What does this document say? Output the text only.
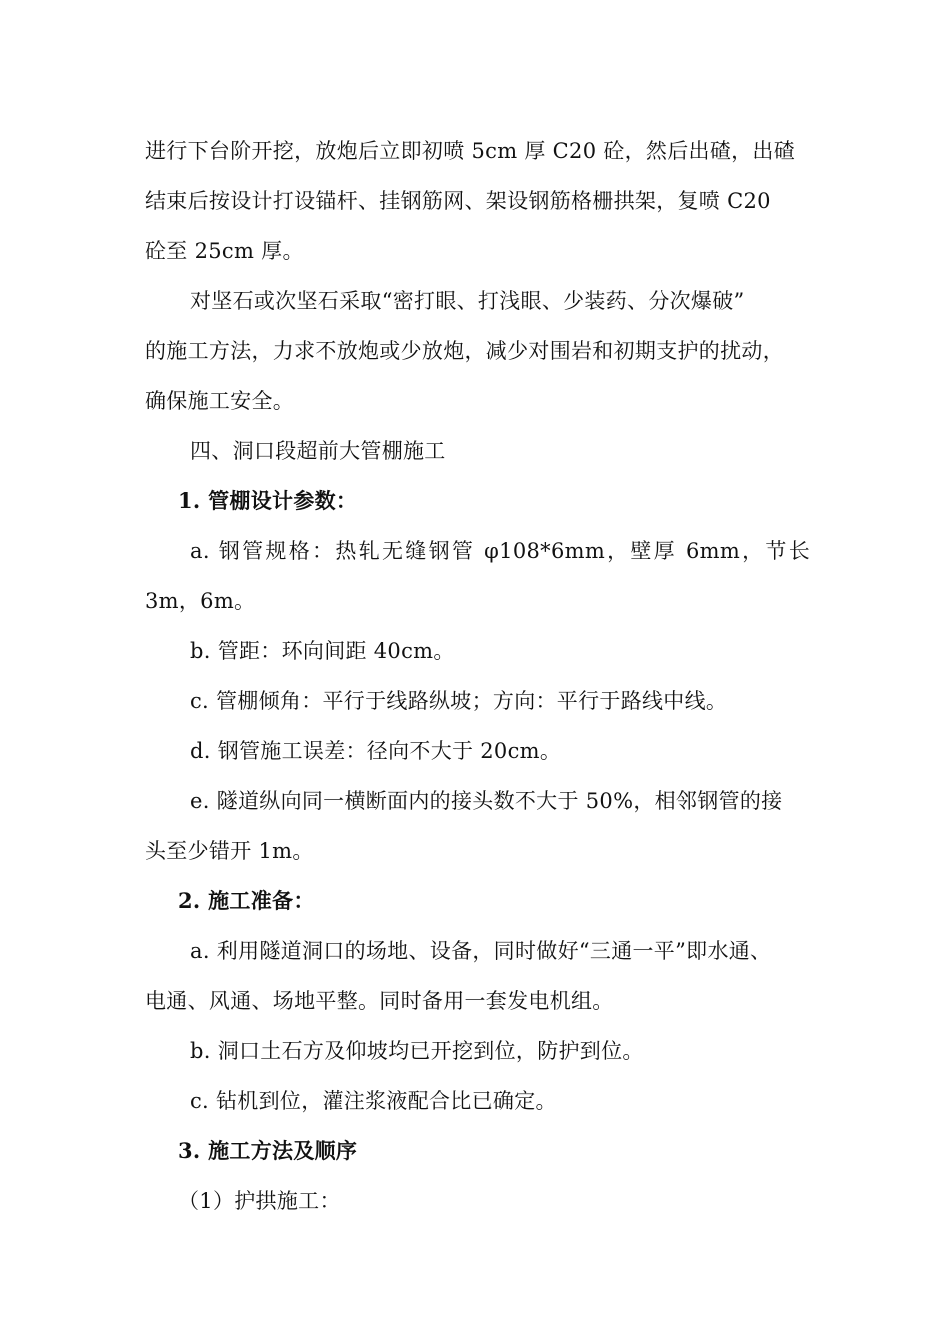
进行下台阶开挖，放炮后立即初喷 5cm 厚 C20 砼，然后出碴，出碴
结束后按设计打设锚杆、挂钢筋网、架设钢筋格栅拱架，复喷 C20
砼至 25cm 厚。
对坚石或次坚石采取“密打眼、打浅眼、少装药、分次爆破”
的施工方法，力求不放炮或少放炮，减少对围岩和初期支护的扰动，
确保施工安全。
四、洞口段超前大管棚施工
1. 管棚设计参数：
a. 钢管规格：热轧无缝钢管 φ108*6mm，壁厚 6mm，节长
3m，6m。
b. 管距：环向间距 40cm。
c. 管棚倾角：平行于线路纵坡；方向：平行于路线中线。
d. 钢管施工误差：径向不大于 20cm。
e. 隧道纵向同一横断面内的接头数不大于 50%，相邻钢管的接
头至少错开 1m。
2. 施工准备：
a. 利用隧道洞口的场地、设备，同时做好“三通一平”即水通、
电通、风通、场地平整。同时备用一套发电机组。
b. 洞口土石方及仰坡均已开挖到位，防护到位。
c. 钻机到位，灌注浆液配合比已确定。
3. 施工方法及顺序
（1）护拱施工：
